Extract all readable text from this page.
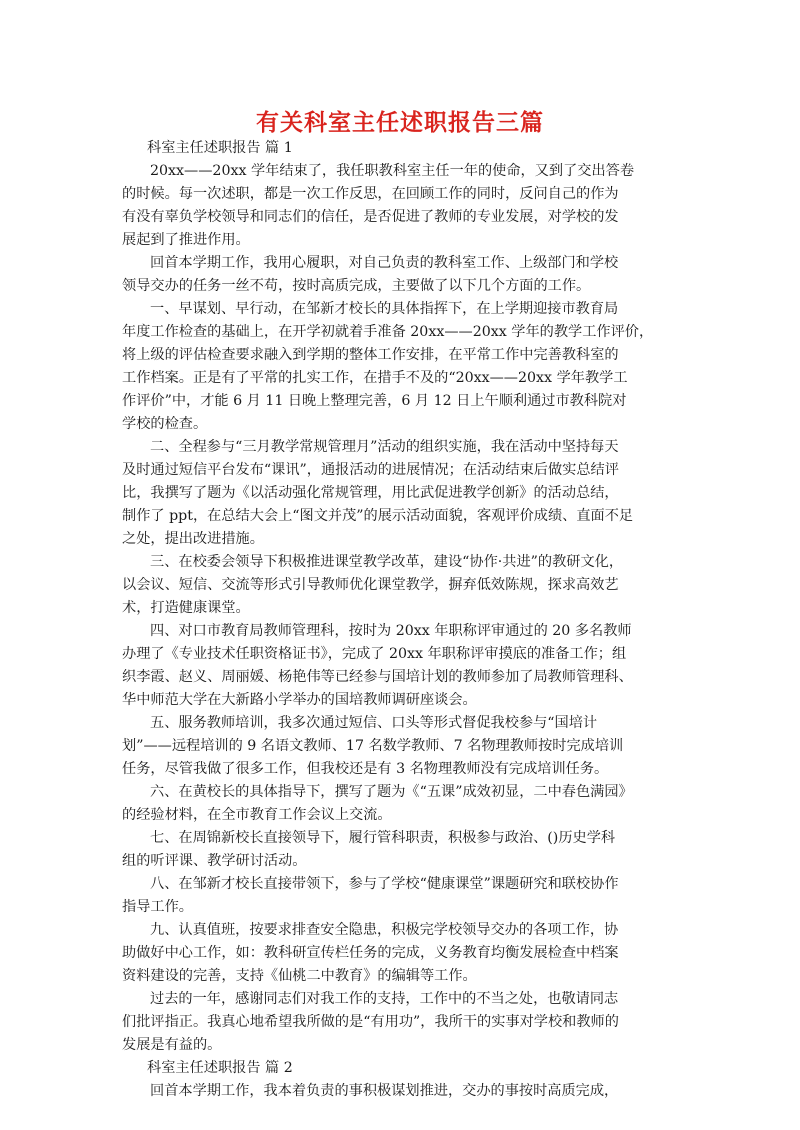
有关科室主任述职报告三篇
科室主任述职报告 篇 1
20xx——20xx 学年结束了，我任职教科室主任一年的使命，又到了交出答卷
的时候。每一次述职，都是一次工作反思，在回顾工作的同时，反问自己的作为
有没有辜负学校领导和同志们的信任，是否促进了教师的专业发展，对学校的发
展起到了推进作用。
回首本学期工作，我用心履职，对自己负责的教科室工作、上级部门和学校
领导交办的任务一丝不苟，按时高质完成，主要做了以下几个方面的工作。
一、早谋划、早行动，在邹新才校长的具体指挥下，在上学期迎接市教育局
年度工作检查的基础上，在开学初就着手准备 20xx——20xx 学年的教学工作评价，
将上级的评估检查要求融入到学期的整体工作安排，在平常工作中完善教科室的
工作档案。正是有了平常的扎实工作，在措手不及的“20xx——20xx 学年教学工
作评价”中，才能 6 月 11 日晚上整理完善，6 月 12 日上午顺利通过市教科院对
学校的检查。
二、全程参与“三月教学常规管理月”活动的组织实施，我在活动中坚持每天
及时通过短信平台发布“课讯”，通报活动的进展情况；在活动结束后做实总结评
比，我撰写了题为《以活动强化常规管理，用比武促进教学创新》的活动总结，
制作了 ppt，在总结大会上“图文并茂”的展示活动面貌，客观评价成绩、直面不足
之处，提出改进措施。
三、在校委会领导下积极推进课堂教学改革，建设“协作·共进”的教研文化，
以会议、短信、交流等形式引导教师优化课堂教学，摒弃低效陈规，探求高效艺
术，打造健康课堂。
四、对口市教育局教师管理科，按时为 20xx 年职称评审通过的 20 多名教师
办理了《专业技术任职资格证书》，完成了 20xx 年职称评审摸底的准备工作；组
织李霞、赵义、周丽媛、杨艳伟等已经参与国培计划的教师参加了局教师管理科、
华中师范大学在大新路小学举办的国培教师调研座谈会。
五、服务教师培训，我多次通过短信、口头等形式督促我校参与“国培计
划”——远程培训的 9 名语文教师、17 名数学教师、7 名物理教师按时完成培训
任务，尽管我做了很多工作，但我校还是有 3 名物理教师没有完成培训任务。
六、在黄校长的具体指导下，撰写了题为《“五课”成效初显，二中春色满园》
的经验材料，在全市教育工作会议上交流。
七、在周锦新校长直接领导下，履行管科职责，积极参与政治、()历史学科
组的听评课、教学研讨活动。
八、在邹新才校长直接带领下，参与了学校“健康课堂”课题研究和联校协作
指导工作。
九、认真值班，按要求排查安全隐患，积极完学校领导交办的各项工作，协
助做好中心工作，如：教科研宣传栏任务的完成，义务教育均衡发展检查中档案
资料建设的完善，支持《仙桃二中教育》的编辑等工作。
过去的一年，感谢同志们对我工作的支持，工作中的不当之处，也敬请同志
们批评指正。我真心地希望我所做的是“有用功”，我所干的实事对学校和教师的
发展是有益的。
科室主任述职报告 篇 2
回首本学期工作，我本着负责的事积极谋划推进，交办的事按时高质完成，
